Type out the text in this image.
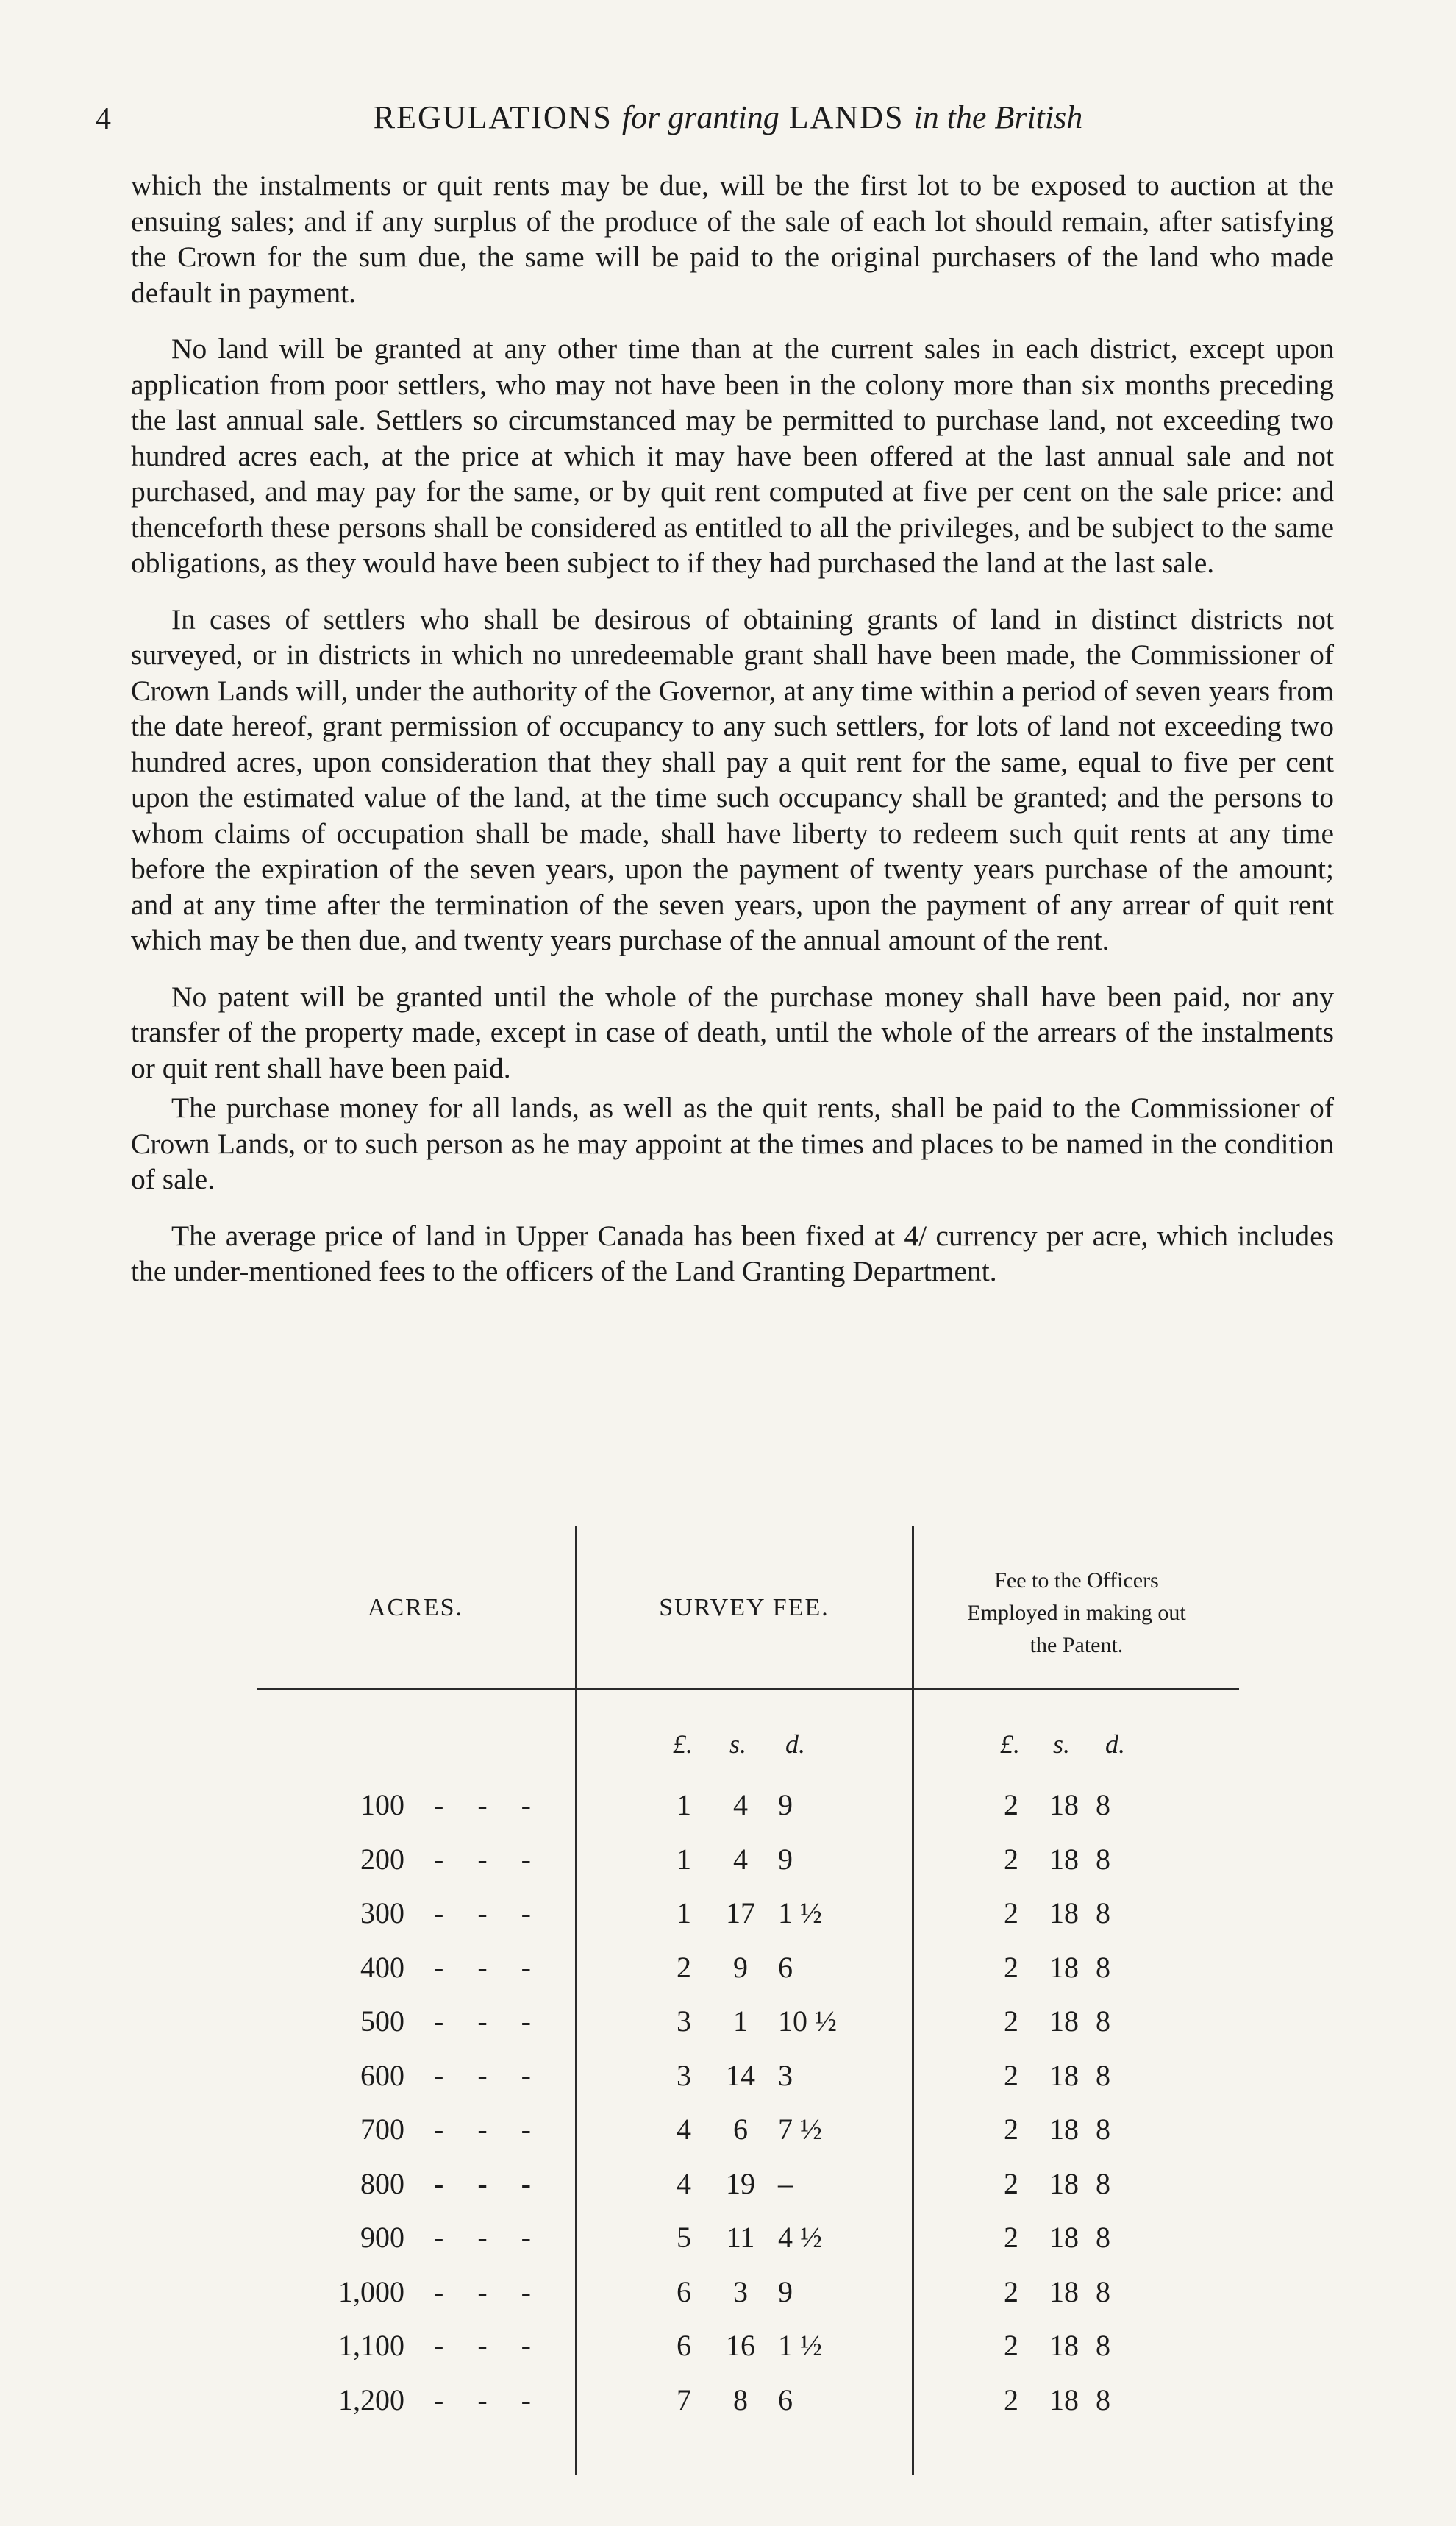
4	REGULATIONS for granting LANDS in the British

which the instalments or quit rents may be due, will be the first lot to be exposed to auction at the ensuing sales; and if any surplus of the produce of the sale of each lot should remain, after satisfying the Crown for the sum due, the same will be paid to the original purchasers of the land who made default in payment.

No land will be granted at any other time than at the current sales in each district, except upon application from poor settlers, who may not have been in the colony more than six months preceding the last annual sale. Settlers so circumstanced may be permitted to purchase land, not exceeding two hundred acres each, at the price at which it may have been offered at the last annual sale and not purchased, and may pay for the same, or by quit rent computed at five per cent on the sale price: and thenceforth these persons shall be considered as entitled to all the privileges, and be subject to the same obligations, as they would have been subject to if they had purchased the land at the last sale.

In cases of settlers who shall be desirous of obtaining grants of land in distinct districts not surveyed, or in districts in which no unredeemable grant shall have been made, the Commissioner of Crown Lands will, under the authority of the Governor, at any time within a period of seven years from the date hereof, grant permission of occupancy to any such settlers, for lots of land not exceeding two hundred acres, upon consideration that they shall pay a quit rent for the same, equal to five per cent upon the estimated value of the land, at the time such occupancy shall be granted; and the persons to whom claims of occupation shall be made, shall have liberty to redeem such quit rents at any time before the expiration of the seven years, upon the payment of twenty years purchase of the amount; and at any time after the termination of the seven years, upon the payment of any arrear of quit rent which may be then due, and twenty years purchase of the annual amount of the rent.

No patent will be granted until the whole of the purchase money shall have been paid, nor any transfer of the property made, except in case of death, until the whole of the arrears of the instalments or quit rent shall have been paid.

The purchase money for all lands, as well as the quit rents, shall be paid to the Commissioner of Crown Lands, or to such person as he may appoint at the times and places to be named in the condition of sale.

The average price of land in Upper Canada has been fixed at 4/ currency per acre, which includes the under-mentioned fees to the officers of the Land Granting Department.

ACRES.	SURVEY FEE.
Fee to the Officers
Employed in making out
the Patent.
£. s. d.	£. s. d.
100 - - -	1	4	9	2	18 8
200 - - -	1	4	9	2	18 8
300 - - -	1	17 1 ½	2	18 8
400 - - -	2	9	6	2	18 8
500 - - -	3	1	10 ½	2	18 8
600 - - -	3	14 3	2	18 8
700 - - -	4	6	7 ½	2	18 8
800 - - -	4	19 –	2	18 8
900 - - -	5	11 4 ½	2	18 8
1,000 - - -	6	3	9	2	18 8
1,100 - - -	6	16 1 ½	2	18 8
1,200 - - -	7	8	6	2	18 8
